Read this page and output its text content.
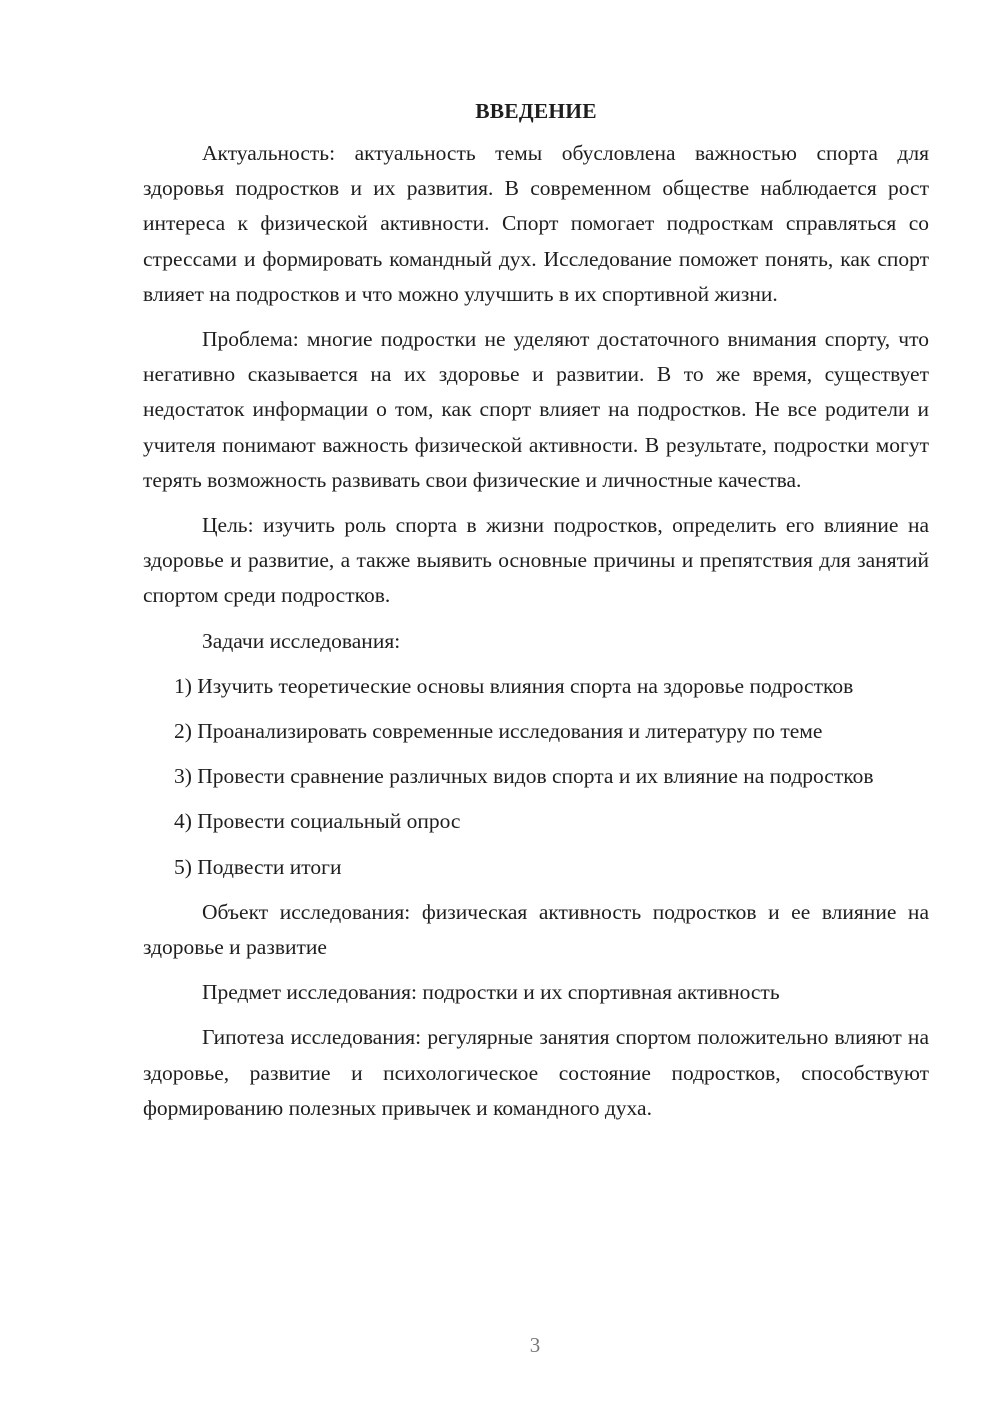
ВВЕДЕНИЕ

Актуальность: актуальность темы обусловлена важностью спорта для здоровья подростков и их развития. В современном обществе наблюдается рост интереса к физической активности. Спорт помогает подросткам справляться со стрессами и формировать командный дух. Исследование поможет понять, как спорт влияет на подростков и что можно улучшить в их спортивной жизни.

Проблема: многие подростки не уделяют достаточного внимания спорту, что негативно сказывается на их здоровье и развитии. В то же время, существует недостаток информации о том, как спорт влияет на подростков. Не все родители и учителя понимают важность физической активности. В результате, подростки могут терять возможность развивать свои физические и личностные качества.

Цель: изучить роль спорта в жизни подростков, определить его влияние на здоровье и развитие, а также выявить основные причины и препятствия для занятий спортом среди подростков.

Задачи исследования:

1) Изучить теоретические основы влияния спорта на здоровье подростков

2) Проанализировать современные исследования и литературу по теме

3) Провести сравнение различных видов спорта и их влияние на подростков

4) Провести социальный опрос

5) Подвести итоги

Объект исследования: физическая активность подростков и ее влияние на здоровье и развитие

Предмет исследования: подростки и их спортивная активность

Гипотеза исследования: регулярные занятия спортом положительно влияют на здоровье, развитие и психологическое состояние подростков, способствуют формированию полезных привычек и командного духа.

3
